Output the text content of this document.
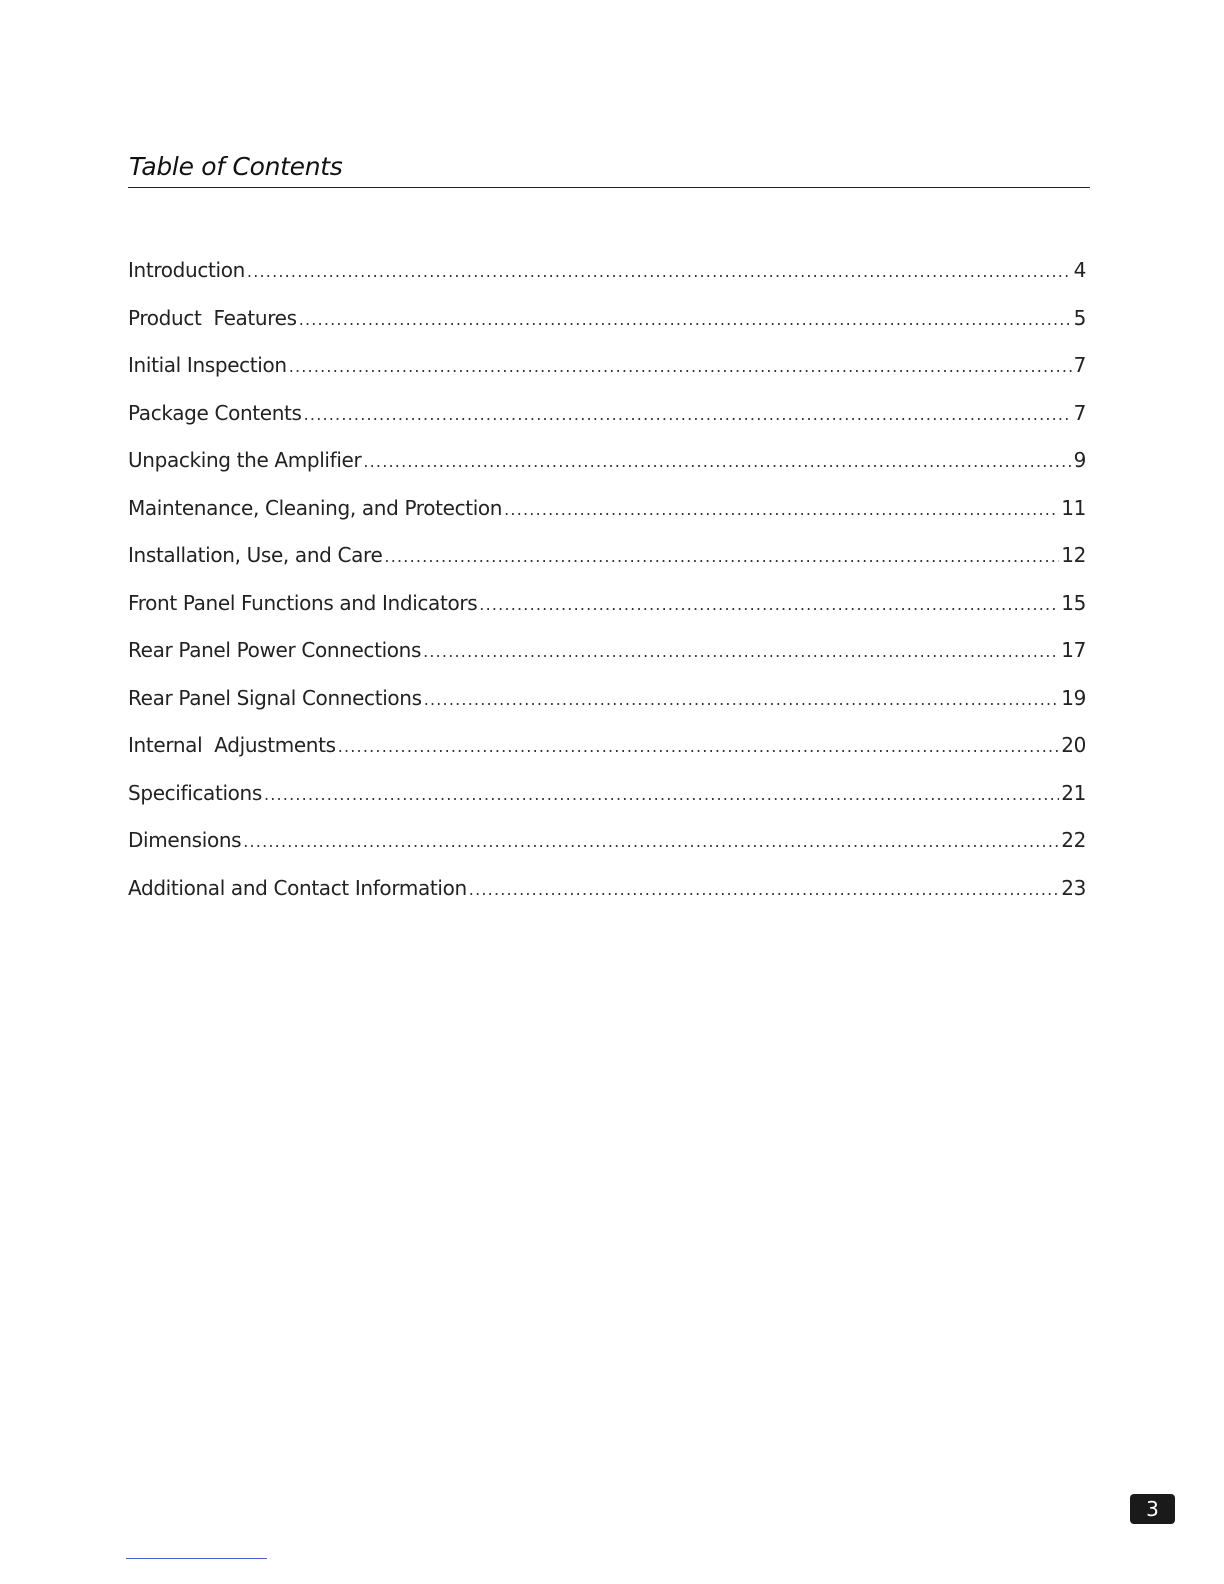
Table of Contents
Introduction .....	4
Product  Features .....	5
Initial Inspection .....	7
Package Contents .....	7
Unpacking the Amplifier .....	9
Maintenance, Cleaning, and Protection .....	11
Installation, Use, and Care .....	12
Front Panel Functions and Indicators .....	15
Rear Panel Power Connections .....	17
Rear Panel Signal Connections .....	19
Internal  Adjustments .....	20
Specifications .....	21
Dimensions .....	22
Additional and Contact Information .....	23
3
